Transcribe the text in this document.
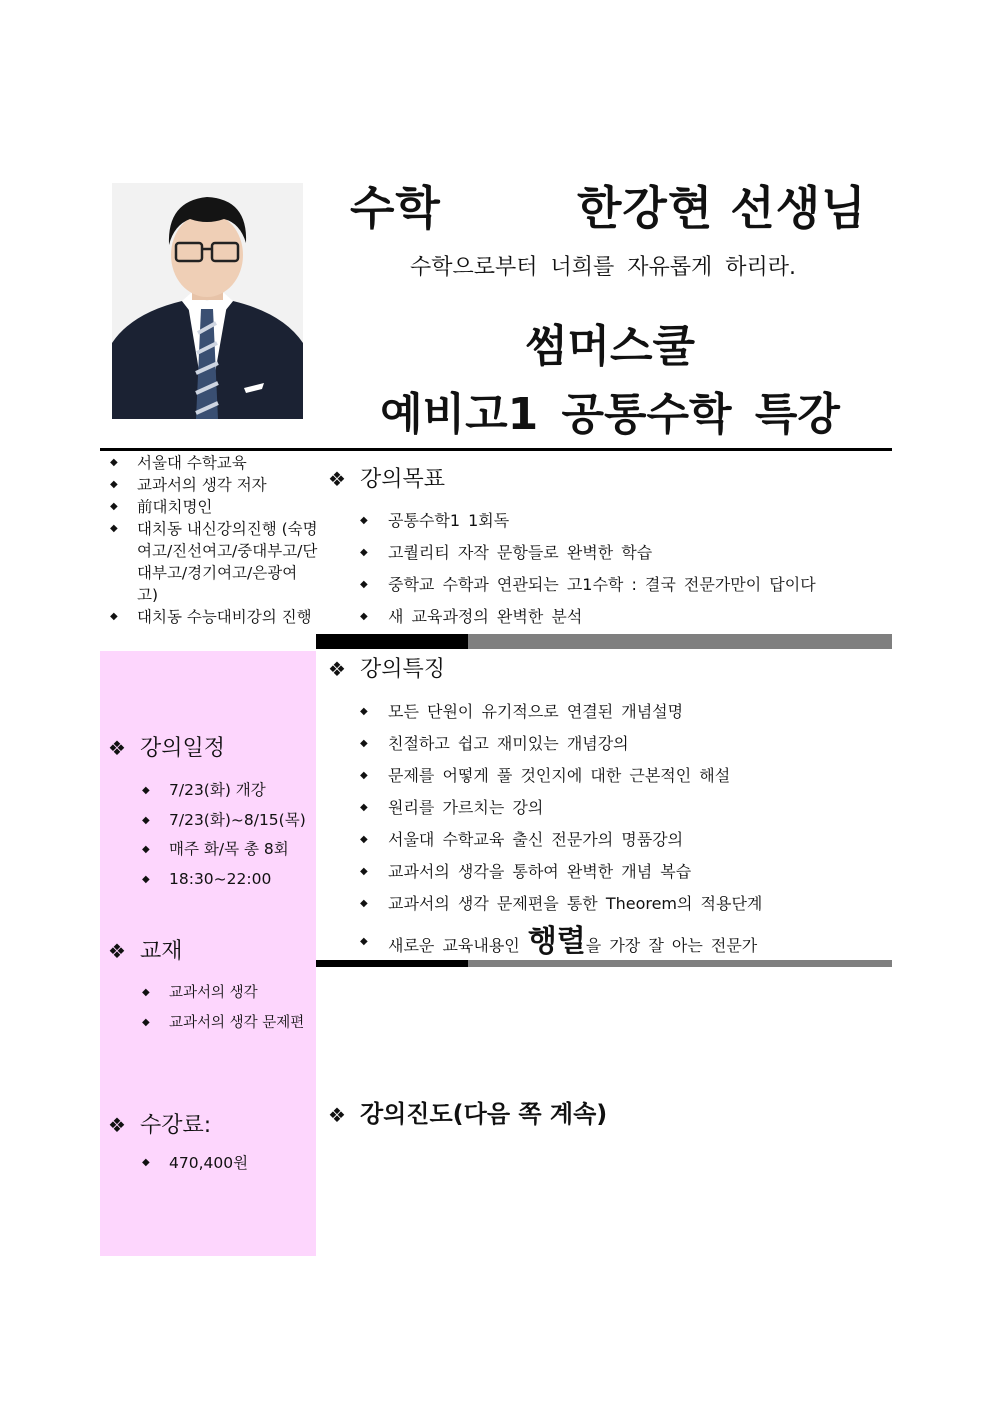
수학        한강현 선생님
수학으로부터 너희를 자유롭게 하리라.
썸머스쿨
예비고1 공통수학 특강
◆ 서울대 수학교육
◆ 교과서의 생각 저자
◆ 前대치명인
◆ 대치동 내신강의진행 (숙명여고/진선여고/중대부고/단대부고/경기여고/은광여고)
◆ 대치동 수능대비강의 진행
❖ 강의일정
◆ 7/23(화) 개강
◆ 7/23(화)~8/15(목)
◆ 매주 화/목 총 8회
◆ 18:30~22:00
❖ 교재
◆ 교과서의 생각
◆ 교과서의 생각 문제편
❖ 수강료:
◆ 470,400원
❖ 강의목표
◆ 공통수학1 1회독
◆ 고퀄리티 자작 문항들로 완벽한 학습
◆ 중학교 수학과 연관되는 고1수학 : 결국 전문가만이 답이다
◆ 새 교육과정의 완벽한 분석
❖ 강의특징
◆ 모든 단원이 유기적으로 연결된 개념설명
◆ 친절하고 쉽고 재미있는 개념강의
◆ 문제를 어떻게 풀 것인지에 대한 근본적인 해설
◆ 원리를 가르치는 강의
◆ 서울대 수학교육 출신 전문가의 명품강의
◆ 교과서의 생각을 통하여 완벽한 개념 복습
◆ 교과서의 생각 문제편을 통한 Theorem의 적용단계
◆ 새로운 교육내용인 행렬을 가장 잘 아는 전문가
❖ 강의진도(다음 쪽 계속)
